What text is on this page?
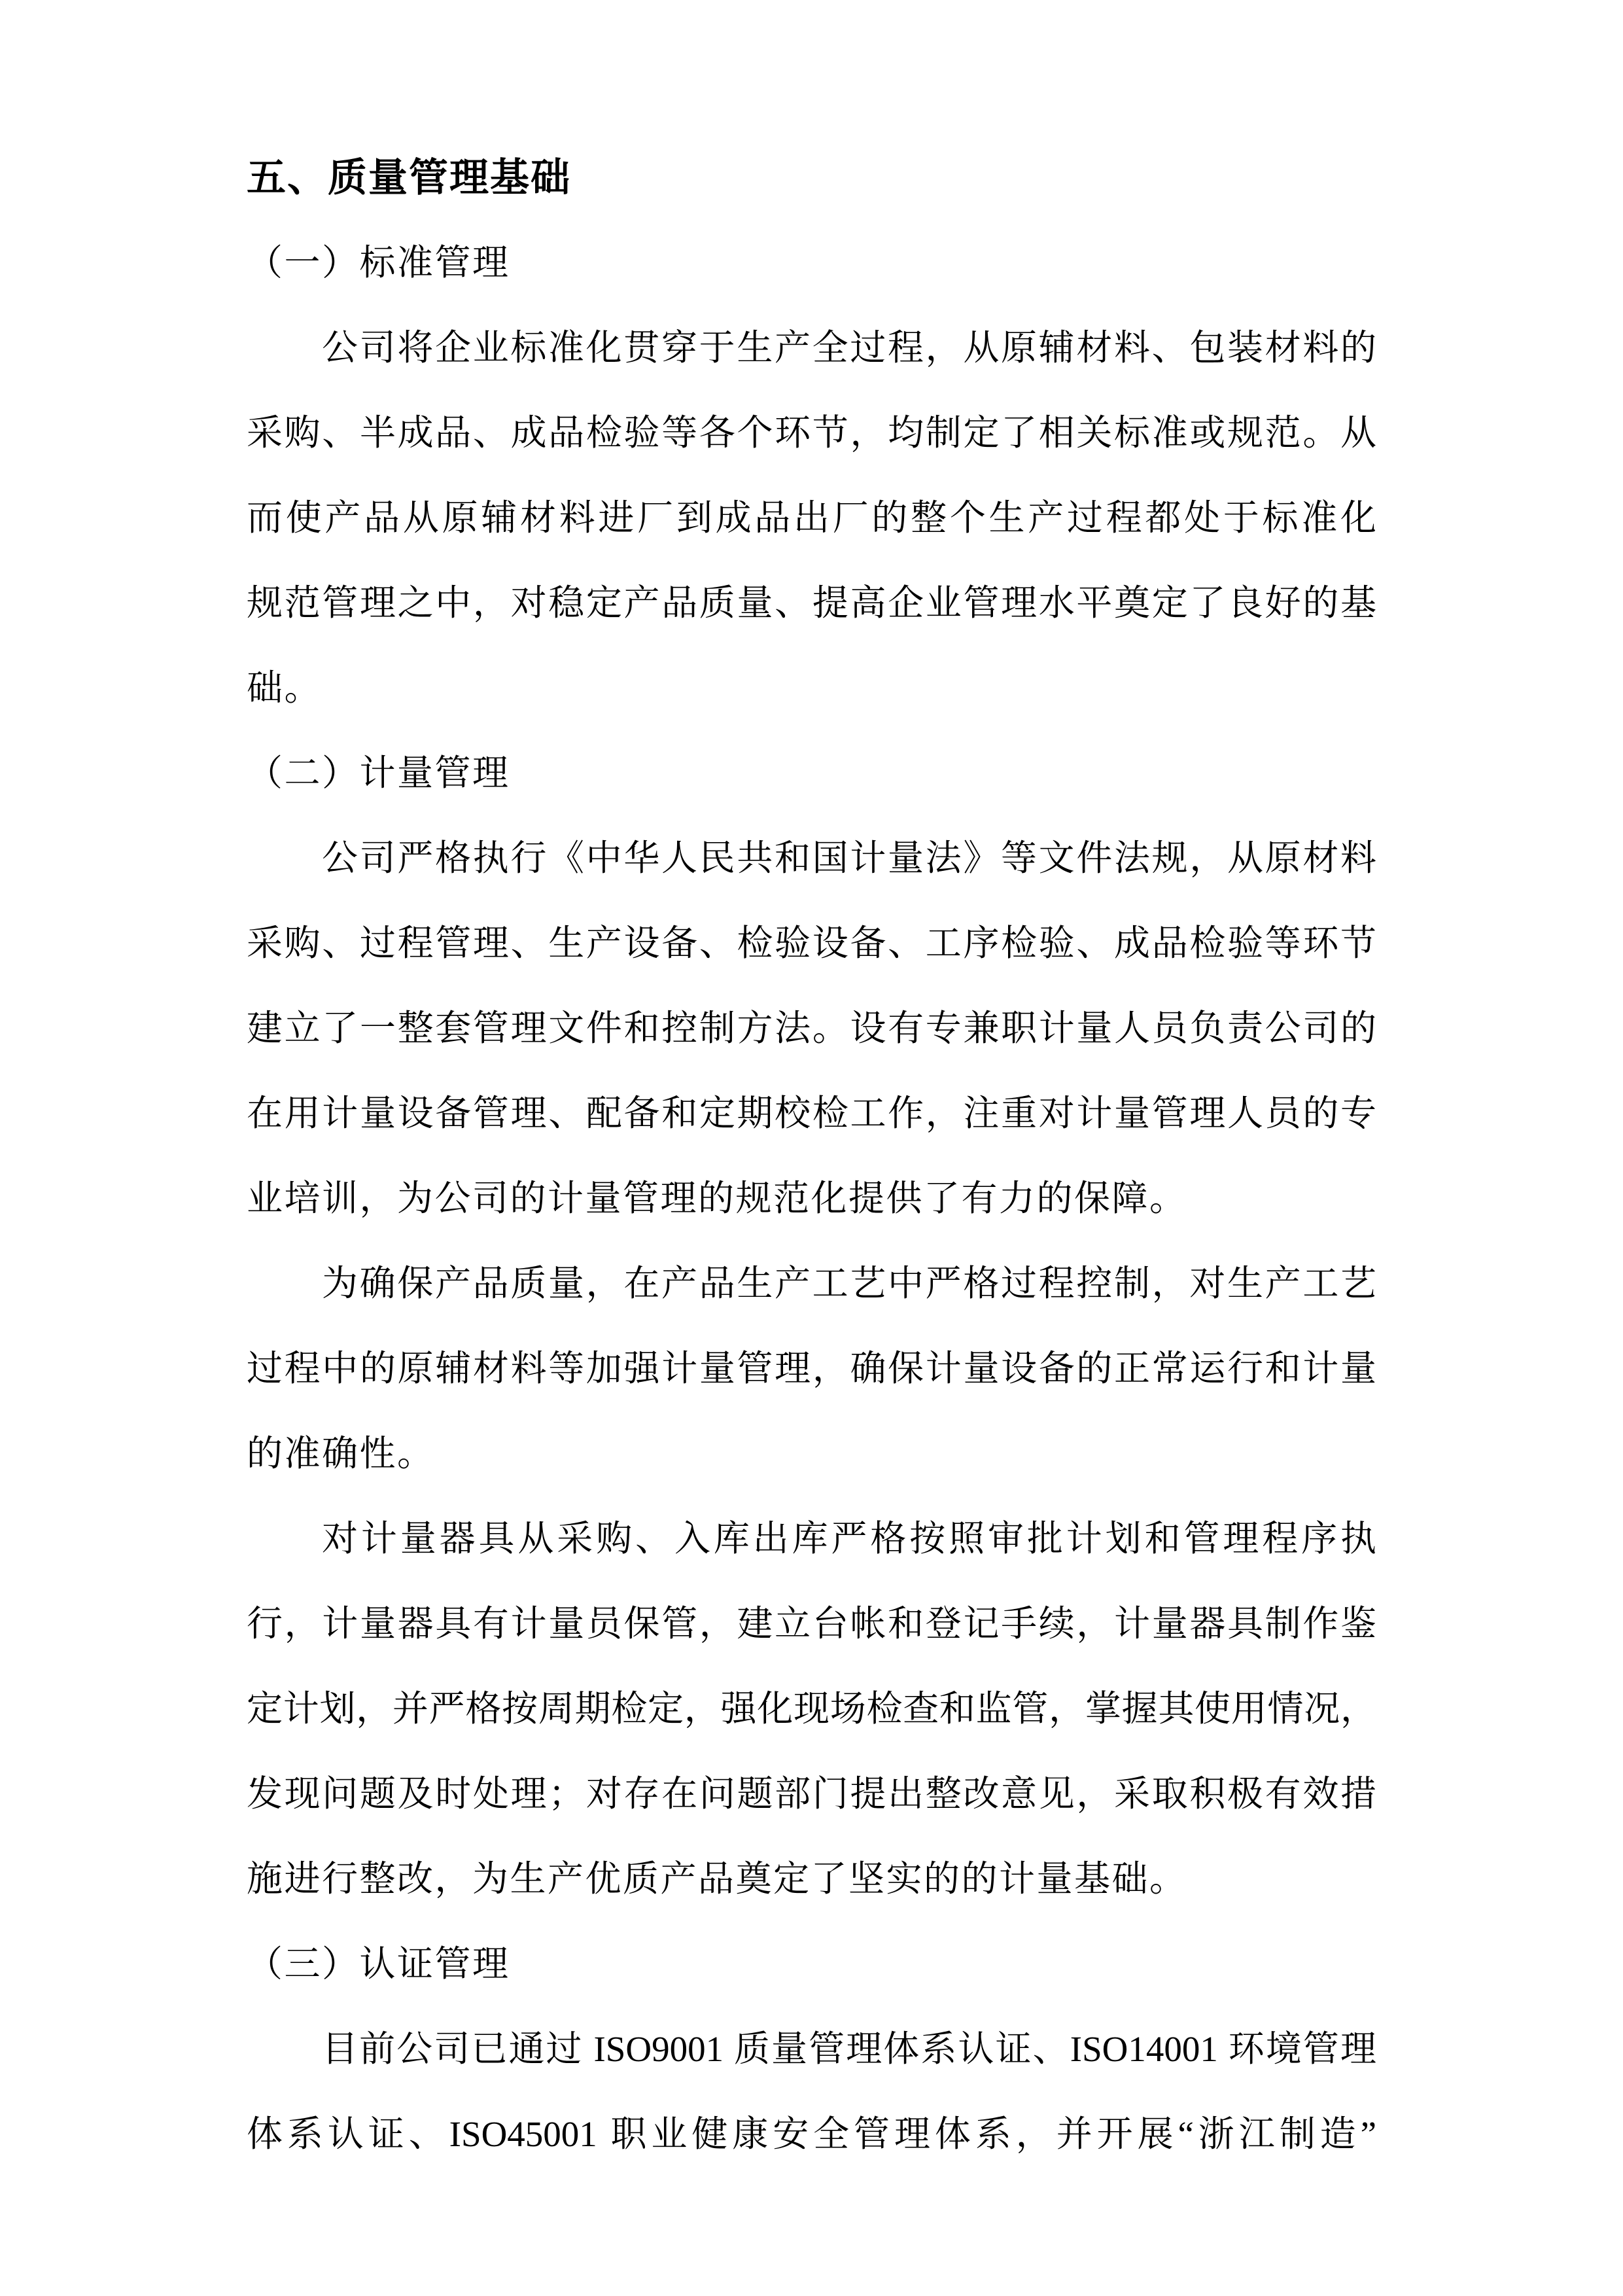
五、质量管理基础
（一）标准管理
公司将企业标准化贯穿于生产全过程，从原辅材料、包装材料的
采购、半成品、成品检验等各个环节，均制定了相关标准或规范。从
而使产品从原辅材料进厂到成品出厂的整个生产过程都处于标准化
规范管理之中，对稳定产品质量、提高企业管理水平奠定了良好的基
础。
（二）计量管理
公司严格执行《中华人民共和国计量法》等文件法规，从原材料
采购、过程管理、生产设备、检验设备、工序检验、成品检验等环节
建立了一整套管理文件和控制方法。设有专兼职计量人员负责公司的
在用计量设备管理、配备和定期校检工作，注重对计量管理人员的专
业培训，为公司的计量管理的规范化提供了有力的保障。
为确保产品质量，在产品生产工艺中严格过程控制，对生产工艺
过程中的原辅材料等加强计量管理，确保计量设备的正常运行和计量
的准确性。
对计量器具从采购、入库出库严格按照审批计划和管理程序执
行，计量器具有计量员保管，建立台帐和登记手续，计量器具制作鉴
定计划，并严格按周期检定，强化现场检查和监管，掌握其使用情况，
发现问题及时处理；对存在问题部门提出整改意见，采取积极有效措
施进行整改，为生产优质产品奠定了坚实的的计量基础。
（三）认证管理
目前公司已通过 ISO9001 质量管理体系认证、ISO14001 环境管理
体系认证、ISO45001 职业健康安全管理体系，并开展“浙江制造”
